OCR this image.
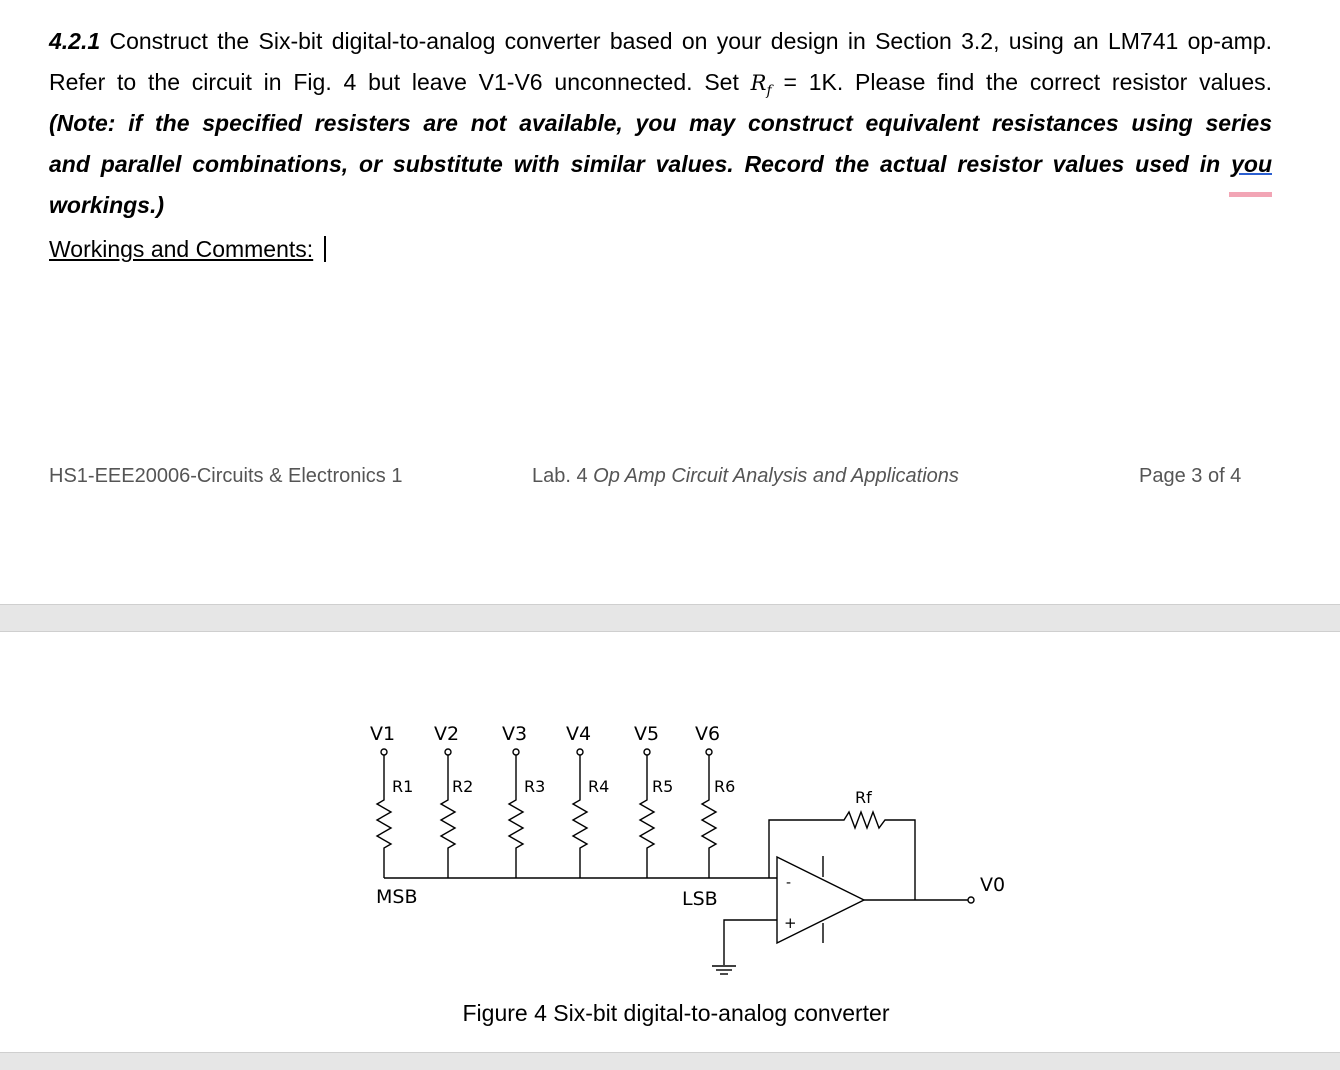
4.2.1 Construct the Six-bit digital-to-analog converter based on your design in Section 3.2, using an LM741 op-amp.
Refer to the circuit in Fig. 4 but leave V1-V6 unconnected. Set $R_f = 1K$. Please find the correct resistor values.
(Note: if the specified resisters are not available, you may construct equivalent resistances using series
and parallel combinations, or substitute with similar values. Record the actual resistor values used in you
workings.)
Workings and Comments:
HS1-EEE20006-Circuits & Electronics 1	Lab. 4 Op Amp Circuit Analysis and Applications	Page 3 of 4
V1 V2 V3 V4 V5 V6
R1 R2	R3	R4	R5	R6
Rf
-
+
MSB	LSB
V0
Figure 4 Six-bit digital-to-analog converter
